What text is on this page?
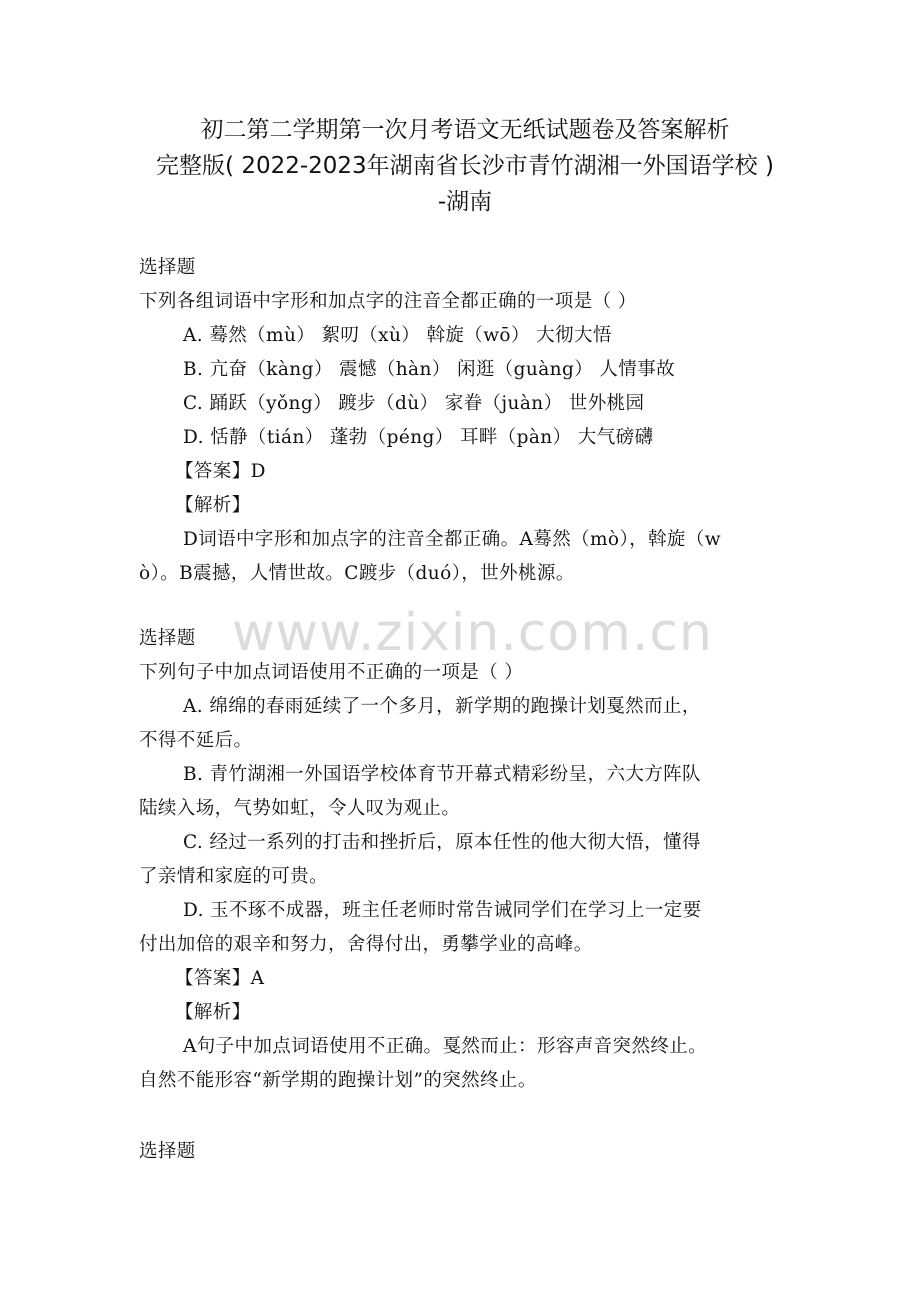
初二第二学期第一次月考语文无纸试题卷及答案解析
完整版( 2022-2023年湖南省长沙市青竹湖湘一外国语学校 )
-湖南
www.zixin.com.cn
选择题
下列各组词语中字形和加点字的注音全都正确的一项是（ ）
A. 蓦然（mù） 絮叨（xù） 斡旋（wō） 大彻大悟
B. 亢奋（kàng） 震憾（hàn） 闲逛（guàng） 人情事故
C. 踊跃（yǒng） 踱步（dù） 家眷（juàn） 世外桃园
D. 恬静（tián） 蓬勃（péng） 耳畔（pàn） 大气磅礴
【答案】D
【解析】
D词语中字形和加点字的注音全都正确。A蓦然（mò），斡旋（w
ò）。B震撼，人情世故。C踱步（duó），世外桃源。
选择题
下列句子中加点词语使用不正确的一项是（ ）
A. 绵绵的春雨延续了一个多月，新学期的跑操计划戛然而止，
不得不延后。
B. 青竹湖湘一外国语学校体育节开幕式精彩纷呈，六大方阵队
陆续入场，气势如虹，令人叹为观止。
C. 经过一系列的打击和挫折后，原本任性的他大彻大悟，懂得
了亲情和家庭的可贵。
D. 玉不琢不成器，班主任老师时常告诫同学们在学习上一定要
付出加倍的艰辛和努力，舍得付出，勇攀学业的高峰。
【答案】A
【解析】
A句子中加点词语使用不正确。戛然而止：形容声音突然终止。
自然不能形容“新学期的跑操计划”的突然终止。
选择题
